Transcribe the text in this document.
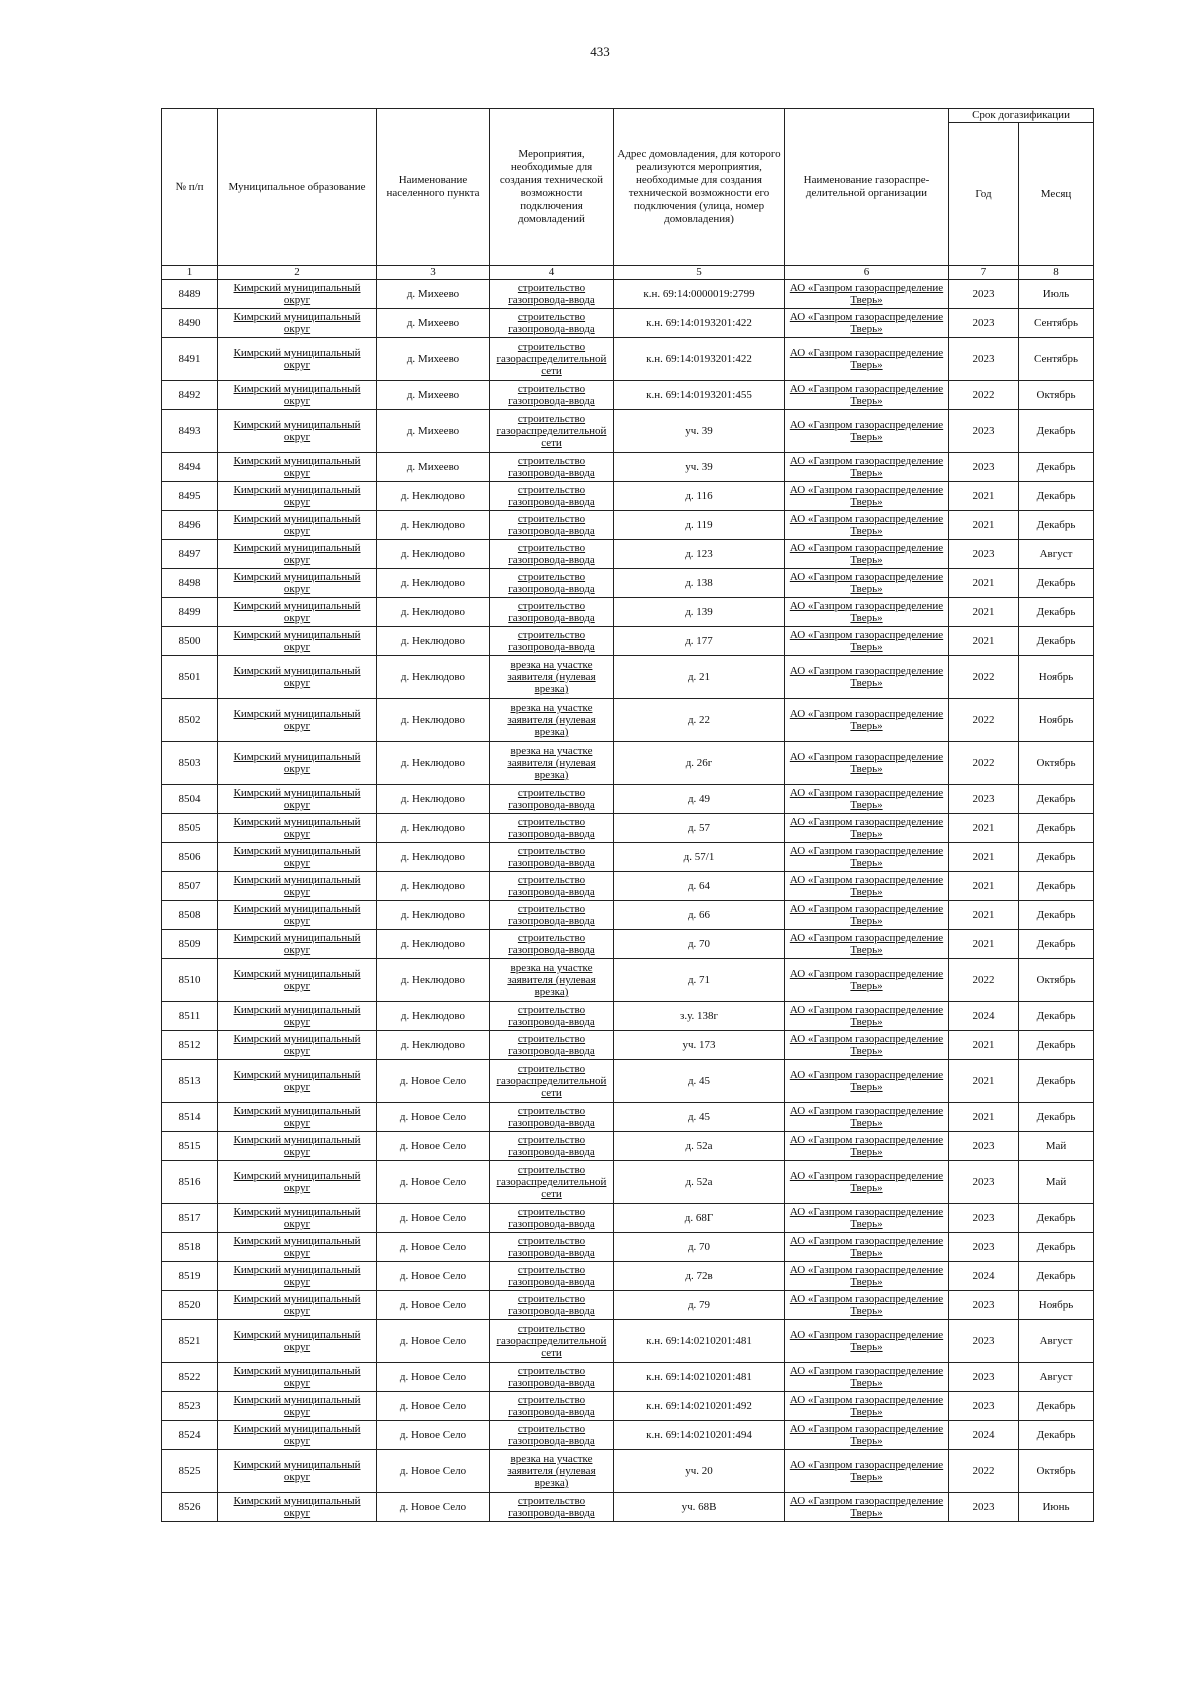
433
№ п/п	Муниципальное образование	Наименование населенного пункта	Мероприятия, необходимые для создания технической возможности подключения домовладений	Адрес домовладения, для которого реализуются мероприятия, необходимые для создания технической возможности его подключения (улица, номер домовладения)	Наименование газораспре-делительной организации	Срок догазификации	
						Год	Месяц
1	2	3	4	5	6	7	8
8489	Кимрский муниципальный округ	д. Михеево	строительство газопровода-ввода	к.н. 69:14:0000019:2799	АО «Газпром газораспределение Тверь»	2023	Июль
8490	Кимрский муниципальный округ	д. Михеево	строительство газопровода-ввода	к.н. 69:14:0193201:422	АО «Газпром газораспределение Тверь»	2023	Сентябрь
8491	Кимрский муниципальный округ	д. Михеево	строительство газораспределительной сети	к.н. 69:14:0193201:422	АО «Газпром газораспределение Тверь»	2023	Сентябрь
8492	Кимрский муниципальный округ	д. Михеево	строительство газопровода-ввода	к.н. 69:14:0193201:455	АО «Газпром газораспределение Тверь»	2022	Октябрь
8493	Кимрский муниципальный округ	д. Михеево	строительство газораспределительной сети	уч. 39	АО «Газпром газораспределение Тверь»	2023	Декабрь
8494	Кимрский муниципальный округ	д. Михеево	строительство газопровода-ввода	уч. 39	АО «Газпром газораспределение Тверь»	2023	Декабрь
8495	Кимрский муниципальный округ	д. Неклюдово	строительство газопровода-ввода	д. 116	АО «Газпром газораспределение Тверь»	2021	Декабрь
8496	Кимрский муниципальный округ	д. Неклюдово	строительство газопровода-ввода	д. 119	АО «Газпром газораспределение Тверь»	2021	Декабрь
8497	Кимрский муниципальный округ	д. Неклюдово	строительство газопровода-ввода	д. 123	АО «Газпром газораспределение Тверь»	2023	Август
8498	Кимрский муниципальный округ	д. Неклюдово	строительство газопровода-ввода	д. 138	АО «Газпром газораспределение Тверь»	2021	Декабрь
8499	Кимрский муниципальный округ	д. Неклюдово	строительство газопровода-ввода	д. 139	АО «Газпром газораспределение Тверь»	2021	Декабрь
8500	Кимрский муниципальный округ	д. Неклюдово	строительство газопровода-ввода	д. 177	АО «Газпром газораспределение Тверь»	2021	Декабрь
8501	Кимрский муниципальный округ	д. Неклюдово	врезка на участке заявителя (нулевая врезка)	д. 21	АО «Газпром газораспределение Тверь»	2022	Ноябрь
8502	Кимрский муниципальный округ	д. Неклюдово	врезка на участке заявителя (нулевая врезка)	д. 22	АО «Газпром газораспределение Тверь»	2022	Ноябрь
8503	Кимрский муниципальный округ	д. Неклюдово	врезка на участке заявителя (нулевая врезка)	д. 26г	АО «Газпром газораспределение Тверь»	2022	Октябрь
8504	Кимрский муниципальный округ	д. Неклюдово	строительство газопровода-ввода	д. 49	АО «Газпром газораспределение Тверь»	2023	Декабрь
8505	Кимрский муниципальный округ	д. Неклюдово	строительство газопровода-ввода	д. 57	АО «Газпром газораспределение Тверь»	2021	Декабрь
8506	Кимрский муниципальный округ	д. Неклюдово	строительство газопровода-ввода	д. 57/1	АО «Газпром газораспределение Тверь»	2021	Декабрь
8507	Кимрский муниципальный округ	д. Неклюдово	строительство газопровода-ввода	д. 64	АО «Газпром газораспределение Тверь»	2021	Декабрь
8508	Кимрский муниципальный округ	д. Неклюдово	строительство газопровода-ввода	д. 66	АО «Газпром газораспределение Тверь»	2021	Декабрь
8509	Кимрский муниципальный округ	д. Неклюдово	строительство газопровода-ввода	д. 70	АО «Газпром газораспределение Тверь»	2021	Декабрь
8510	Кимрский муниципальный округ	д. Неклюдово	врезка на участке заявителя (нулевая врезка)	д. 71	АО «Газпром газораспределение Тверь»	2022	Октябрь
8511	Кимрский муниципальный округ	д. Неклюдово	строительство газопровода-ввода	з.у. 138г	АО «Газпром газораспределение Тверь»	2024	Декабрь
8512	Кимрский муниципальный округ	д. Неклюдово	строительство газопровода-ввода	уч. 173	АО «Газпром газораспределение Тверь»	2021	Декабрь
8513	Кимрский муниципальный округ	д. Новое Село	строительство газораспределительной сети	д. 45	АО «Газпром газораспределение Тверь»	2021	Декабрь
8514	Кимрский муниципальный округ	д. Новое Село	строительство газопровода-ввода	д. 45	АО «Газпром газораспределение Тверь»	2021	Декабрь
8515	Кимрский муниципальный округ	д. Новое Село	строительство газопровода-ввода	д. 52а	АО «Газпром газораспределение Тверь»	2023	Май
8516	Кимрский муниципальный округ	д. Новое Село	строительство газораспределительной сети	д. 52а	АО «Газпром газораспределение Тверь»	2023	Май
8517	Кимрский муниципальный округ	д. Новое Село	строительство газопровода-ввода	д. 68Г	АО «Газпром газораспределение Тверь»	2023	Декабрь
8518	Кимрский муниципальный округ	д. Новое Село	строительство газопровода-ввода	д. 70	АО «Газпром газораспределение Тверь»	2023	Декабрь
8519	Кимрский муниципальный округ	д. Новое Село	строительство газопровода-ввода	д. 72в	АО «Газпром газораспределение Тверь»	2024	Декабрь
8520	Кимрский муниципальный округ	д. Новое Село	строительство газопровода-ввода	д. 79	АО «Газпром газораспределение Тверь»	2023	Ноябрь
8521	Кимрский муниципальный округ	д. Новое Село	строительство газораспределительной сети	к.н. 69:14:0210201:481	АО «Газпром газораспределение Тверь»	2023	Август
8522	Кимрский муниципальный округ	д. Новое Село	строительство газопровода-ввода	к.н. 69:14:0210201:481	АО «Газпром газораспределение Тверь»	2023	Август
8523	Кимрский муниципальный округ	д. Новое Село	строительство газопровода-ввода	к.н. 69:14:0210201:492	АО «Газпром газораспределение Тверь»	2023	Декабрь
8524	Кимрский муниципальный округ	д. Новое Село	строительство газопровода-ввода	к.н. 69:14:0210201:494	АО «Газпром газораспределение Тверь»	2024	Декабрь
8525	Кимрский муниципальный округ	д. Новое Село	врезка на участке заявителя (нулевая врезка)	уч. 20	АО «Газпром газораспределение Тверь»	2022	Октябрь
8526	Кимрский муниципальный округ	д. Новое Село	строительство газопровода-ввода	уч. 68В	АО «Газпром газораспределение Тверь»	2023	Июнь
